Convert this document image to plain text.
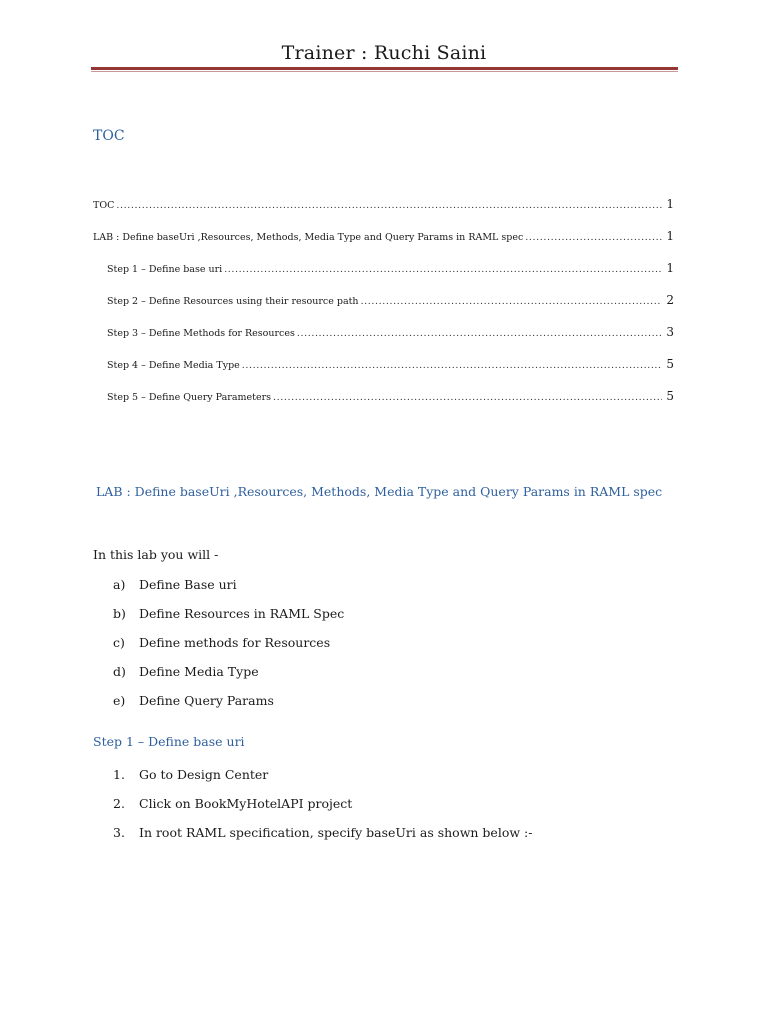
Trainer : Ruchi Saini
TOC
TOC .....	1
LAB : Define baseUri ,Resources, Methods, Media Type and Query Params in RAML spec .....	1
Step 1 – Define base uri .....	1
Step 2 – Define Resources using their resource path .....	2
Step 3 – Define Methods for Resources .....	3
Step 4 – Define Media Type .....	5
Step 5 – Define Query Parameters .....	5
LAB : Define baseUri ,Resources, Methods, Media Type and Query Params in RAML spec

In this lab you will -

a) Define Base uri
b) Define Resources in RAML Spec
c) Define methods for Resources
d) Define Media Type
e) Define Query Params
Step 1 – Define base uri
1. Go to Design Center
2. Click on BookMyHotelAPI project
3. In root RAML specification, specify baseUri as shown below :-
